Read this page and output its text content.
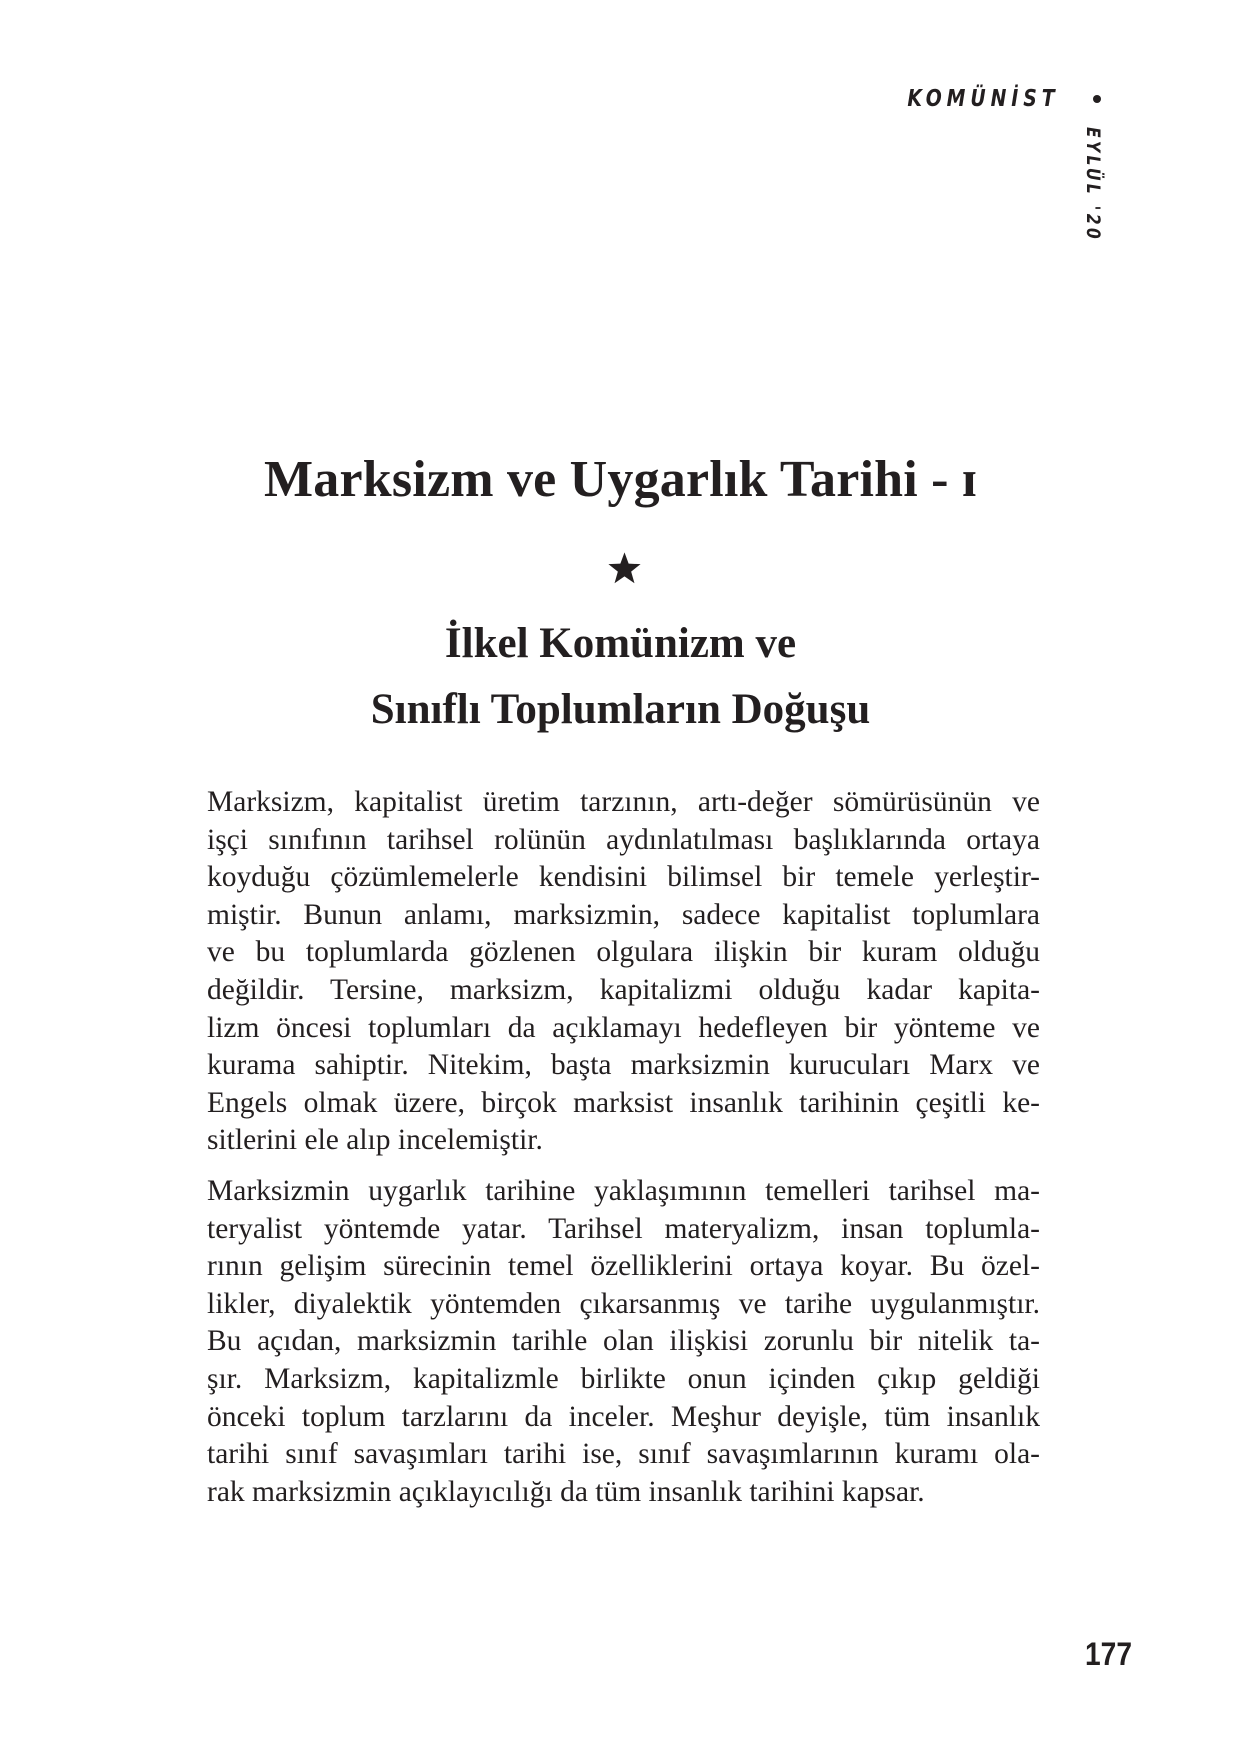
KOMÜNİST
EYLÜL '20
Marksizm ve Uygarlık Tarihi - ɪ
İlkel Komünizm ve
Sınıflı Toplumların Doğuşu

Marksizm, kapitalist üretim tarzının, artı-değer sömürüsünün ve
işçi sınıfının tarihsel rolünün aydınlatılması başlıklarında ortaya
koyduğu çözümlemelerle kendisini bilimsel bir temele yerleştir-
miştir. Bunun anlamı, marksizmin, sadece kapitalist toplumlara
ve bu toplumlarda gözlenen olgulara ilişkin bir kuram olduğu
değildir. Tersine, marksizm, kapitalizmi olduğu kadar kapita-
lizm öncesi toplumları da açıklamayı hedefleyen bir yönteme ve
kurama sahiptir. Nitekim, başta marksizmin kurucuları Marx ve
Engels olmak üzere, birçok marksist insanlık tarihinin çeşitli ke-
sitlerini ele alıp incelemiştir.

Marksizmin uygarlık tarihine yaklaşımının temelleri tarihsel ma-
teryalist yöntemde yatar. Tarihsel materyalizm, insan toplumla-
rının gelişim sürecinin temel özelliklerini ortaya koyar. Bu özel-
likler, diyalektik yöntemden çıkarsanmış ve tarihe uygulanmıştır.
Bu açıdan, marksizmin tarihle olan ilişkisi zorunlu bir nitelik ta-
şır. Marksizm, kapitalizmle birlikte onun içinden çıkıp geldiği
önceki toplum tarzlarını da inceler. Meşhur deyişle, tüm insanlık
tarihi sınıf savaşımları tarihi ise, sınıf savaşımlarının kuramı ola-
rak marksizmin açıklayıcılığı da tüm insanlık tarihini kapsar.

177
